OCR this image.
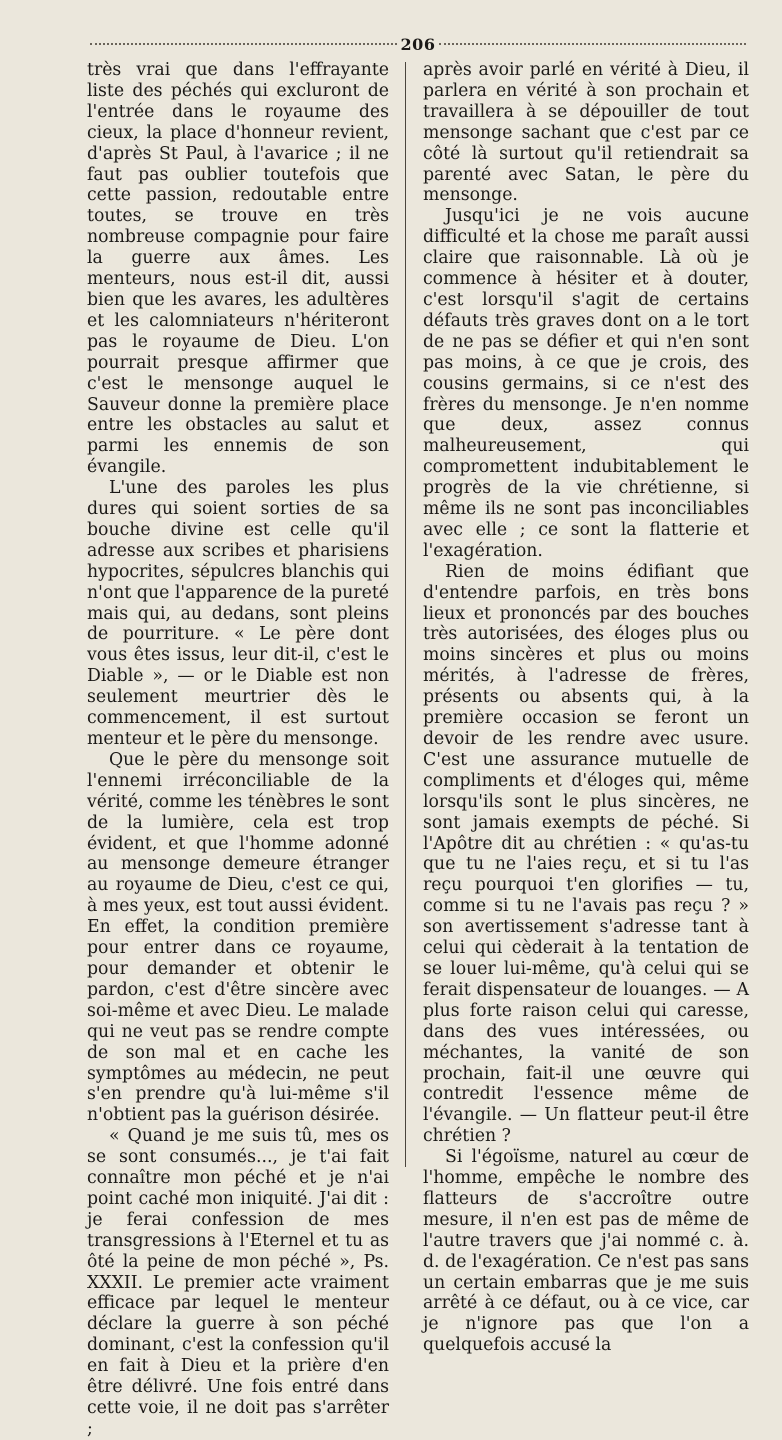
206

très vrai que dans l'effrayante liste des péchés qui excluront de l'entrée dans le royaume des cieux, la place d'honneur revient, d'après St Paul, à l'avarice ; il ne faut pas oublier toutefois que cette passion, redoutable entre toutes, se trouve en très nombreuse compagnie pour faire la guerre aux âmes. Les menteurs, nous est-il dit, aussi bien que les avares, les adultères et les calomniateurs n'hériteront pas le royaume de Dieu. L'on pourrait presque affirmer que c'est le mensonge auquel le Sauveur donne la première place entre les obstacles au salut et parmi les ennemis de son évangile.

L'une des paroles les plus dures qui soient sorties de sa bouche divine est celle qu'il adresse aux scribes et pharisiens hypocrites, sépulcres blanchis qui n'ont que l'apparence de la pureté mais qui, au dedans, sont pleins de pourriture. « Le père dont vous êtes issus, leur dit-il, c'est le Diable », — or le Diable est non seulement meurtrier dès le commencement, il est surtout menteur et le père du mensonge.

Que le père du mensonge soit l'ennemi irréconciliable de la vérité, comme les ténèbres le sont de la lumière, cela est trop évident, et que l'homme adonné au mensonge demeure étranger au royaume de Dieu, c'est ce qui, à mes yeux, est tout aussi évident. En effet, la condition première pour entrer dans ce royaume, pour demander et obtenir le pardon, c'est d'être sincère avec soi-même et avec Dieu. Le malade qui ne veut pas se rendre compte de son mal et en cache les symptômes au médecin, ne peut s'en prendre qu'à lui-même s'il n'obtient pas la guérison désirée.

« Quand je me suis tû, mes os se sont consumés..., je t'ai fait connaître mon péché et je n'ai point caché mon iniquité. J'ai dit : je ferai confession de mes transgressions à l'Eternel et tu as ôté la peine de mon péché », Ps. XXXII. Le premier acte vraiment efficace par lequel le menteur déclare la guerre à son péché dominant, c'est la confession qu'il en fait à Dieu et la prière d'en être délivré. Une fois entré dans cette voie, il ne doit pas s'arrêter ;

après avoir parlé en vérité à Dieu, il parlera en vérité à son prochain et travaillera à se dépouiller de tout mensonge sachant que c'est par ce côté là surtout qu'il retiendrait sa parenté avec Satan, le père du mensonge.

Jusqu'ici je ne vois aucune difficulté et la chose me paraît aussi claire que raisonnable. Là où je commence à hésiter et à douter, c'est lorsqu'il s'agit de certains défauts très graves dont on a le tort de ne pas se défier et qui n'en sont pas moins, à ce que je crois, des cousins germains, si ce n'est des frères du mensonge. Je n'en nomme que deux, assez connus malheureusement, qui compromettent indubitablement le progrès de la vie chrétienne, si même ils ne sont pas inconciliables avec elle ; ce sont la flatterie et l'exagération.

Rien de moins édifiant que d'entendre parfois, en très bons lieux et prononcés par des bouches très autorisées, des éloges plus ou moins sincères et plus ou moins mérités, à l'adresse de frères, présents ou absents qui, à la première occasion se feront un devoir de les rendre avec usure. C'est une assurance mutuelle de compliments et d'éloges qui, même lorsqu'ils sont le plus sincères, ne sont jamais exempts de péché. Si l'Apôtre dit au chrétien : « qu'as-tu que tu ne l'aies reçu, et si tu l'as reçu pourquoi t'en glorifies — tu, comme si tu ne l'avais pas reçu ? » son avertissement s'adresse tant à celui qui cèderait à la tentation de se louer lui-même, qu'à celui qui se ferait dispensateur de louanges. — A plus forte raison celui qui caresse, dans des vues intéressées, ou méchantes, la vanité de son prochain, fait-il une œuvre qui contredit l'essence même de l'évangile. — Un flatteur peut-il être chrétien ?

Si l'égoïsme, naturel au cœur de l'homme, empêche le nombre des flatteurs de s'accroître outre mesure, il n'en est pas de même de l'autre travers que j'ai nommé c. à. d. de l'exagération. Ce n'est pas sans un certain embarras que je me suis arrêté à ce défaut, ou à ce vice, car je n'ignore pas que l'on a quelquefois accusé la
